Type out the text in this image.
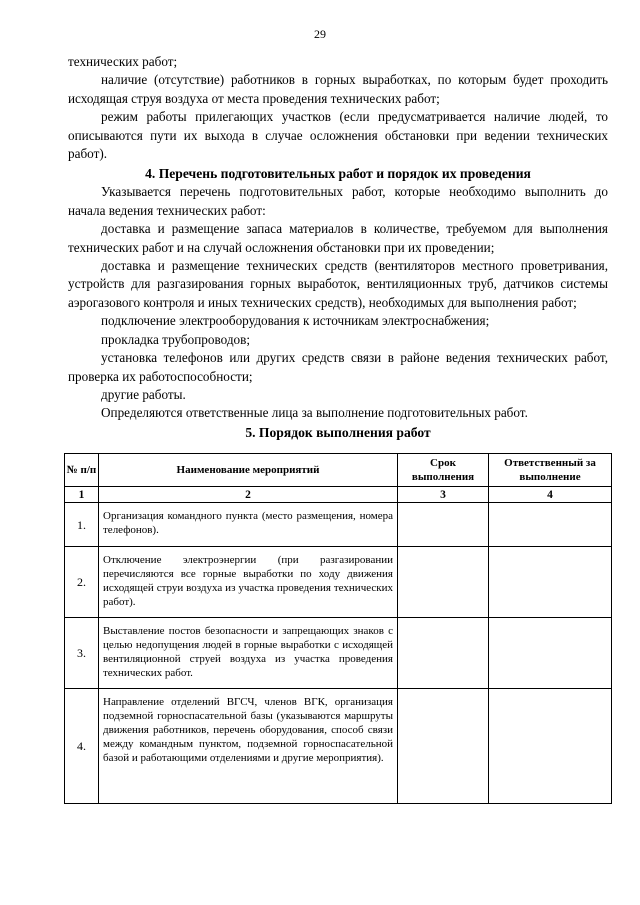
29

технических работ;

наличие (отсутствие) работников в горных выработках, по которым будет проходить исходящая струя воздуха от места проведения технических работ;

режим работы прилегающих участков (если предусматривается наличие людей, то описываются пути их выхода в случае осложнения обстановки при ведении технических работ).

4. Перечень подготовительных работ и порядок их проведения

Указывается перечень подготовительных работ, которые необходимо выполнить до начала ведения технических работ:

доставка и размещение запаса материалов в количестве, требуемом для выполнения технических работ и на случай осложнения обстановки при их проведении;

доставка и размещение технических средств (вентиляторов местного проветривания, устройств для разгазирования горных выработок, вентиляционных труб, датчиков системы аэрогазового контроля и иных технических средств), необходимых для выполнения работ;

подключение электрооборудования к источникам электроснабжения;

прокладка трубопроводов;

установка телефонов или других средств связи в районе ведения технических работ, проверка их работоспособности;

другие работы.

Определяются ответственные лица за выполнение подготовительных работ.

5. Порядок выполнения работ
№ п/п	Наименование мероприятий	Срок выполнения	Ответственный за выполнение
1	2	3	4
1.	Организация командного пункта (место размещения, номера телефонов).		
2.	Отключение электроэнергии (при разгазировании перечисляются все горные выработки по ходу движения исходящей струи воздуха из участка проведения технических работ).		
3.	Выставление постов безопасности и запрещающих знаков с целью недопущения людей в горные выработки с исходящей вентиляционной струей воздуха из участка проведения технических работ.		
4.	Направление отделений ВГСЧ, членов ВГК, организация подземной горноспасательной базы (указываются маршруты движения работников, перечень оборудования, способ связи между командным пунктом, подземной горноспасательной базой и работающими отделениями и другие мероприятия).		
